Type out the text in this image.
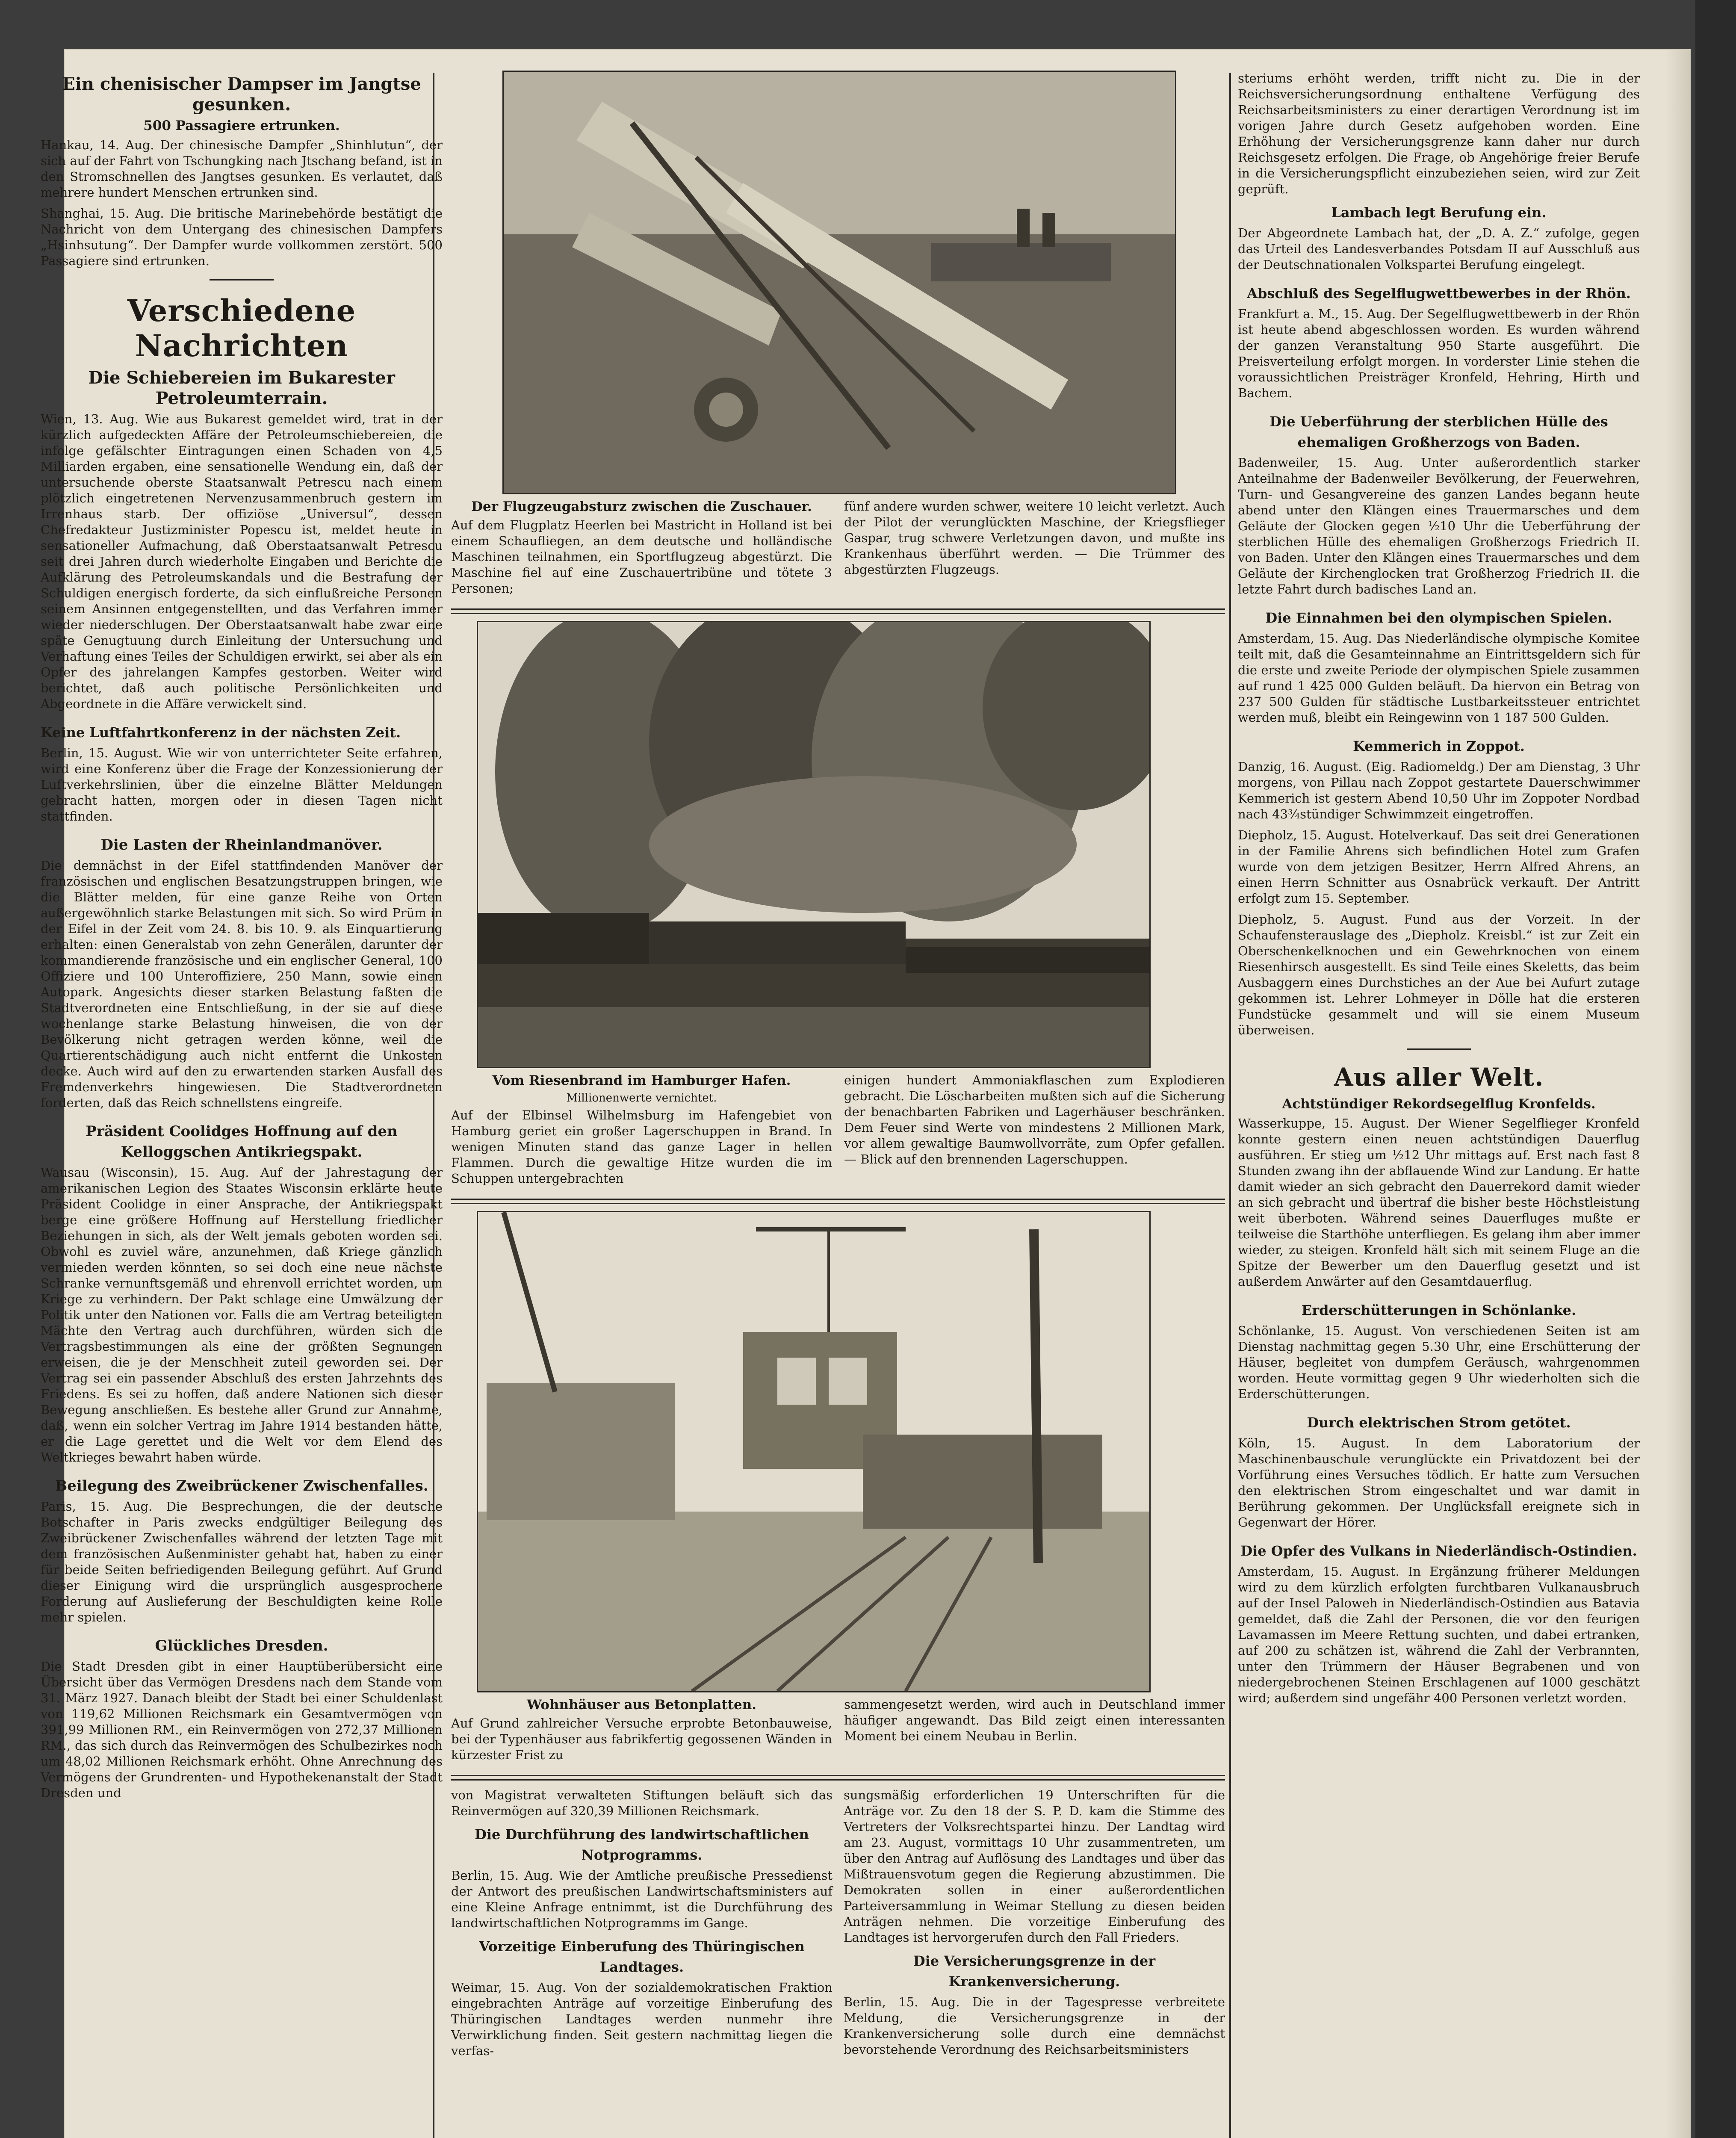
Ein chenisischer Dampser im Jangtse gesunken.
500 Passagiere ertrunken.

Hankau, 14. Aug. Der chinesische Dampfer „Shinhlutun“, der sich auf der Fahrt von Tschungking nach Jtschang befand, ist in den Stromschnellen des Jangtses gesunken. Es verlautet, daß mehrere hundert Menschen ertrunken sind.

Shanghai, 15. Aug. Die britische Marinebehörde bestätigt die Nachricht von dem Untergang des chinesischen Dampfers „Hsinhsutung“. Der Dampfer wurde vollkommen zerstört. 500 Passagiere sind ertrunken.

Verschiedene Nachrichten
Die Schiebereien im Bukarester Petroleumterrain.

Wien, 13. Aug. Wie aus Bukarest gemeldet wird, trat in der kürzlich aufgedeckten Affäre der Petroleumschiebereien, die infolge gefälschter Eintragungen einen Schaden von 4,5 Milliarden ergaben, eine sensationelle Wendung ein, daß der untersuchende oberste Staatsanwalt Petrescu nach einem plötzlich eingetretenen Nervenzusammenbruch gestern im Irrenhaus starb. Der offiziöse „Universul“, dessen Chefredakteur Justizminister Popescu ist, meldet heute in sensationeller Aufmachung, daß Oberstaatsanwalt Petrescu seit drei Jahren durch wiederholte Eingaben und Berichte die Aufklärung des Petroleumskandals und die Bestrafung der Schuldigen energisch forderte, da sich einflußreiche Personen seinem Ansinnen entgegenstellten, und das Verfahren immer wieder niederschlugen. Der Oberstaatsanwalt habe zwar eine späte Genugtuung durch Einleitung der Untersuchung und Verhaftung eines Teiles der Schuldigen erwirkt, sei aber als ein Opfer des jahrelangen Kampfes gestorben. Weiter wird berichtet, daß auch politische Persönlichkeiten und Abgeordnete in die Affäre verwickelt sind.

Keine Luftfahrtkonferenz in der nächsten Zeit.

Berlin, 15. August. Wie wir von unterrichteter Seite erfahren, wird eine Konferenz über die Frage der Konzessionierung der Luftverkehrslinien, über die einzelne Blätter Meldungen gebracht hatten, morgen oder in diesen Tagen nicht stattfinden.

Die Lasten der Rheinlandmanöver.

Die demnächst in der Eifel stattfindenden Manöver der französischen und englischen Besatzungstruppen bringen, wie die Blätter melden, für eine ganze Reihe von Orten außergewöhnlich starke Belastungen mit sich. So wird Prüm in der Eifel in der Zeit vom 24. 8. bis 10. 9. als Einquartierung erhalten: einen Generalstab von zehn Generälen, darunter der kommandierende französische und ein englischer General, 100 Offiziere und 100 Unteroffiziere, 250 Mann, sowie einen Autopark. Angesichts dieser starken Belastung faßten die Stadtverordneten eine Entschließung, in der sie auf diese wochenlange starke Belastung hinweisen, die von der Bevölkerung nicht getragen werden könne, weil die Quartierentschädigung auch nicht entfernt die Unkosten decke. Auch wird auf den zu erwartenden starken Ausfall des Fremdenverkehrs hingewiesen. Die Stadtverordneten forderten, daß das Reich schnellstens eingreife.

Präsident Coolidges Hoffnung auf den Kelloggschen Antikriegspakt.

Wausau (Wisconsin), 15. Aug. Auf der Jahrestagung der amerikanischen Legion des Staates Wisconsin erklärte heute Präsident Coolidge in einer Ansprache, der Antikriegspakt berge eine größere Hoffnung auf Herstellung friedlicher Beziehungen in sich, als der Welt jemals geboten worden sei. Obwohl es zuviel wäre, anzunehmen, daß Kriege gänzlich vermieden werden könnten, so sei doch eine neue nächste Schranke vernunftsgemäß und ehrenvoll errichtet worden, um Kriege zu verhindern. Der Pakt schlage eine Umwälzung der Politik unter den Nationen vor. Falls die am Vertrag beteiligten Mächte den Vertrag auch durchführen, würden sich die Vertragsbestimmungen als eine der größten Segnungen erweisen, die je der Menschheit zuteil geworden sei. Der Vertrag sei ein passender Abschluß des ersten Jahrzehnts des Friedens. Es sei zu hoffen, daß andere Nationen sich dieser Bewegung anschließen. Es bestehe aller Grund zur Annahme, daß, wenn ein solcher Vertrag im Jahre 1914 bestanden hätte, er die Lage gerettet und die Welt vor dem Elend des Weltkrieges bewahrt haben würde.

Beilegung des Zweibrückener Zwischenfalles.

Paris, 15. Aug. Die Besprechungen, die der deutsche Botschafter in Paris zwecks endgültiger Beilegung des Zweibrückener Zwischenfalles während der letzten Tage mit dem französischen Außenminister gehabt hat, haben zu einer für beide Seiten befriedigenden Beilegung geführt. Auf Grund dieser Einigung wird die ursprünglich ausgesprochene Forderung auf Auslieferung der Beschuldigten keine Rolle mehr spielen.

Glückliches Dresden.

Die Stadt Dresden gibt in einer Hauptüberübersicht eine Übersicht über das Vermögen Dresdens nach dem Stande vom 31. März 1927. Danach bleibt der Stadt bei einer Schuldenlast von 119,62 Millionen Reichsmark ein Gesamtvermögen von 391,99 Millionen RM., ein Reinvermögen von 272,37 Millionen RM., das sich durch das Reinvermögen des Schulbezirkes noch um 48,02 Millionen Reichsmark erhöht. Ohne Anrechnung des Vermögens der Grundrenten- und Hypothekenanstalt der Stadt Dresden und

Der Flugzeugabsturz zwischen die Zuschauer.

Auf dem Flugplatz Heerlen bei Mastricht in Holland ist bei einem Schaufliegen, an dem deutsche und holländische Maschinen teilnahmen, ein Sportflugzeug abgestürzt. Die Maschine fiel auf eine Zuschauertribüne und tötete 3 Personen;

fünf andere wurden schwer, weitere 10 leicht verletzt. Auch der Pilot der verunglückten Maschine, der Kriegsflieger Gaspar, trug schwere Verletzungen davon, und mußte ins Krankenhaus überführt werden. — Die Trümmer des abgestürzten Flugzeugs.

Vom Riesenbrand im Hamburger Hafen.
Millionenwerte vernichtet.

Auf der Elbinsel Wilhelmsburg im Hafengebiet von Hamburg geriet ein großer Lagerschuppen in Brand. In wenigen Minuten stand das ganze Lager in hellen Flammen. Durch die gewaltige Hitze wurden die im Schuppen untergebrachten

einigen hundert Ammoniakflaschen zum Explodieren gebracht. Die Löscharbeiten mußten sich auf die Sicherung der benachbarten Fabriken und Lagerhäuser beschränken. Dem Feuer sind Werte von mindestens 2 Millionen Mark, vor allem gewaltige Baumwollvorräte, zum Opfer gefallen. — Blick auf den brennenden Lagerschuppen.

Wohnhäuser aus Betonplatten.

Auf Grund zahlreicher Versuche erprobte Betonbauweise, bei der Typenhäuser aus fabrikfertig gegossenen Wänden in kürzester Frist zu

sammengesetzt werden, wird auch in Deutschland immer häufiger angewandt. Das Bild zeigt einen interessanten Moment bei einem Neubau in Berlin.

von Magistrat verwalteten Stiftungen beläuft sich das Reinvermögen auf 320,39 Millionen Reichsmark.

Die Durchführung des landwirtschaftlichen Notprogramms.

Berlin, 15. Aug. Wie der Amtliche preußische Pressedienst der Antwort des preußischen Landwirtschaftsministers auf eine Kleine Anfrage entnimmt, ist die Durchführung des landwirtschaftlichen Notprogramms im Gange.

Vorzeitige Einberufung des Thüringischen Landtages.

Weimar, 15. Aug. Von der sozialdemokratischen Fraktion eingebrachten Anträge auf vorzeitige Einberufung des Thüringischen Landtages werden nunmehr ihre Verwirklichung finden. Seit gestern nachmittag liegen die verfas-

sungsmäßig erforderlichen 19 Unterschriften für die Anträge vor. Zu den 18 der S. P. D. kam die Stimme des Vertreters der Volksrechtspartei hinzu. Der Landtag wird am 23. August, vormittags 10 Uhr zusammentreten, um über den Antrag auf Auflösung des Landtages und über das Mißtrauensvotum gegen die Regierung abzustimmen. Die Demokraten sollen in einer außerordentlichen Parteiversammlung in Weimar Stellung zu diesen beiden Anträgen nehmen. Die vorzeitige Einberufung des Landtages ist hervorgerufen durch den Fall Frieders.

Die Versicherungsgrenze in der Krankenversicherung.

Berlin, 15. Aug. Die in der Tagespresse verbreitete Meldung, die Versicherungsgrenze in der Krankenversicherung solle durch eine demnächst bevorstehende Verordnung des Reichsarbeitsministers

steriums erhöht werden, trifft nicht zu. Die in der Reichsversicherungsordnung enthaltene Verfügung des Reichsarbeitsministers zu einer derartigen Verordnung ist im vorigen Jahre durch Gesetz aufgehoben worden. Eine Erhöhung der Versicherungsgrenze kann daher nur durch Reichsgesetz erfolgen. Die Frage, ob Angehörige freier Berufe in die Versicherungspflicht einzubeziehen seien, wird zur Zeit geprüft.

Lambach legt Berufung ein.

Der Abgeordnete Lambach hat, der „D. A. Z.“ zufolge, gegen das Urteil des Landesverbandes Potsdam II auf Ausschluß aus der Deutschnationalen Volkspartei Berufung eingelegt.

Abschluß des Segelflugwettbewerbes in der Rhön.

Frankfurt a. M., 15. Aug. Der Segelflugwettbewerb in der Rhön ist heute abend abgeschlossen worden. Es wurden während der ganzen Veranstaltung 950 Starte ausgeführt. Die Preisverteilung erfolgt morgen. In vorderster Linie stehen die voraussichtlichen Preisträger Kronfeld, Hehring, Hirth und Bachem.

Die Ueberführung der sterblichen Hülle des ehemaligen Großherzogs von Baden.

Badenweiler, 15. Aug. Unter außerordentlich starker Anteilnahme der Badenweiler Bevölkerung, der Feuerwehren, Turn- und Gesangvereine des ganzen Landes begann heute abend unter den Klängen eines Trauermarsches und dem Geläute der Glocken gegen ½10 Uhr die Ueberführung der sterblichen Hülle des ehemaligen Großherzogs Friedrich II. von Baden. Unter den Klängen eines Trauermarsches und dem Geläute der Kirchenglocken trat Großherzog Friedrich II. die letzte Fahrt durch badisches Land an.

Die Einnahmen bei den olympischen Spielen.

Amsterdam, 15. Aug. Das Niederländische olympische Komitee teilt mit, daß die Gesamteinnahme an Eintrittsgeldern sich für die erste und zweite Periode der olympischen Spiele zusammen auf rund 1 425 000 Gulden beläuft. Da hiervon ein Betrag von 237 500 Gulden für städtische Lustbarkeitssteuer entrichtet werden muß, bleibt ein Reingewinn von 1 187 500 Gulden.

Kemmerich in Zoppot.

Danzig, 16. August. (Eig. Radiomeldg.) Der am Dienstag, 3 Uhr morgens, von Pillau nach Zoppot gestartete Dauerschwimmer Kemmerich ist gestern Abend 10,50 Uhr im Zoppoter Nordbad nach 43¾stündiger Schwimmzeit eingetroffen.

Diepholz, 15. August. Hotelverkauf. Das seit drei Generationen in der Familie Ahrens sich befindlichen Hotel zum Grafen wurde von dem jetzigen Besitzer, Herrn Alfred Ahrens, an einen Herrn Schnitter aus Osnabrück verkauft. Der Antritt erfolgt zum 15. September.

Diepholz, 5. August. Fund aus der Vorzeit. In der Schaufensterauslage des „Diepholz. Kreisbl.“ ist zur Zeit ein Oberschenkelknochen und ein Gewehrknochen von einem Riesenhirsch ausgestellt. Es sind Teile eines Skeletts, das beim Ausbaggern eines Durchstiches an der Aue bei Aufurt zutage gekommen ist. Lehrer Lohmeyer in Dölle hat die ersteren Fundstücke gesammelt und will sie einem Museum überweisen.

Aus aller Welt.
Achtstündiger Rekordsegelflug Kronfelds.

Wasserkuppe, 15. August. Der Wiener Segelflieger Kronfeld konnte gestern einen neuen achtstündigen Dauerflug ausführen. Er stieg um ½12 Uhr mittags auf. Erst nach fast 8 Stunden zwang ihn der abflauende Wind zur Landung. Er hatte damit wieder an sich gebracht den Dauerrekord damit wieder an sich gebracht und übertraf die bisher beste Höchstleistung weit überboten. Während seines Dauerfluges mußte er teilweise die Starthöhe unterfliegen. Es gelang ihm aber immer wieder, zu steigen. Kronfeld hält sich mit seinem Fluge an die Spitze der Bewerber um den Dauerflug gesetzt und ist außerdem Anwärter auf den Gesamtdauerflug.

Erderschütterungen in Schönlanke.

Schönlanke, 15. August. Von verschiedenen Seiten ist am Dienstag nachmittag gegen 5.30 Uhr, eine Erschütterung der Häuser, begleitet von dumpfem Geräusch, wahrgenommen worden. Heute vormittag gegen 9 Uhr wiederholten sich die Erderschütterungen.

Durch elektrischen Strom getötet.

Köln, 15. August. In dem Laboratorium der Maschinenbauschule verunglückte ein Privatdozent bei der Vorführung eines Versuches tödlich. Er hatte zum Versuchen den elektrischen Strom eingeschaltet und war damit in Berührung gekommen. Der Unglücksfall ereignete sich in Gegenwart der Hörer.

Die Opfer des Vulkans in Niederländisch-Ostindien.

Amsterdam, 15. August. In Ergänzung früherer Meldungen wird zu dem kürzlich erfolgten furchtbaren Vulkanausbruch auf der Insel Paloweh in Niederländisch-Ostindien aus Batavia gemeldet, daß die Zahl der Personen, die vor den feurigen Lavamassen im Meere Rettung suchten, und dabei ertranken, auf 200 zu schätzen ist, während die Zahl der Verbrannten, unter den Trümmern der Häuser Begrabenen und von niedergebrochenen Steinen Erschlagenen auf 1000 geschätzt wird; außerdem sind ungefähr 400 Personen verletzt worden.
